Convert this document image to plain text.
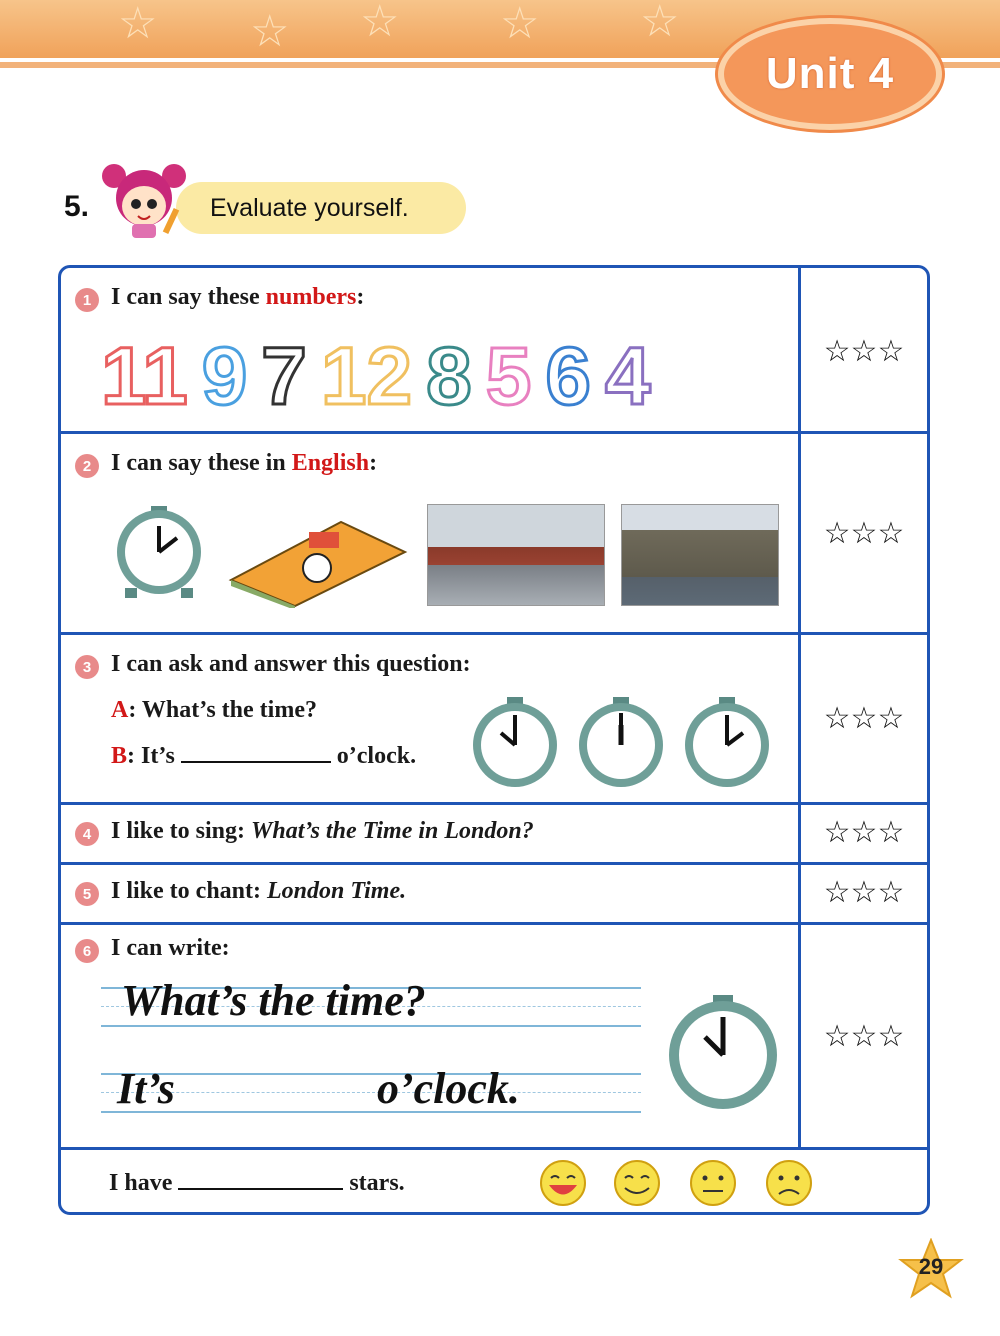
☆ ☆ ☆ ☆ ☆
Unit 4
5.	Evaluate yourself.
1 I can say these numbers:
11 9 7 12 8 5 6 4	☆☆☆
2 I can say these in English:
☆☆☆
3 I can ask and answer this question:
A: What’s the time?
B: It’s	o’clock.
☆☆☆
4 I like to sing: What’s the Time in London?	☆☆☆
5 I like to chant: London Time.	☆☆☆
6 I can write:
What’s the time?
It’s	o’clock.
☆☆☆
I have	stars.
29
